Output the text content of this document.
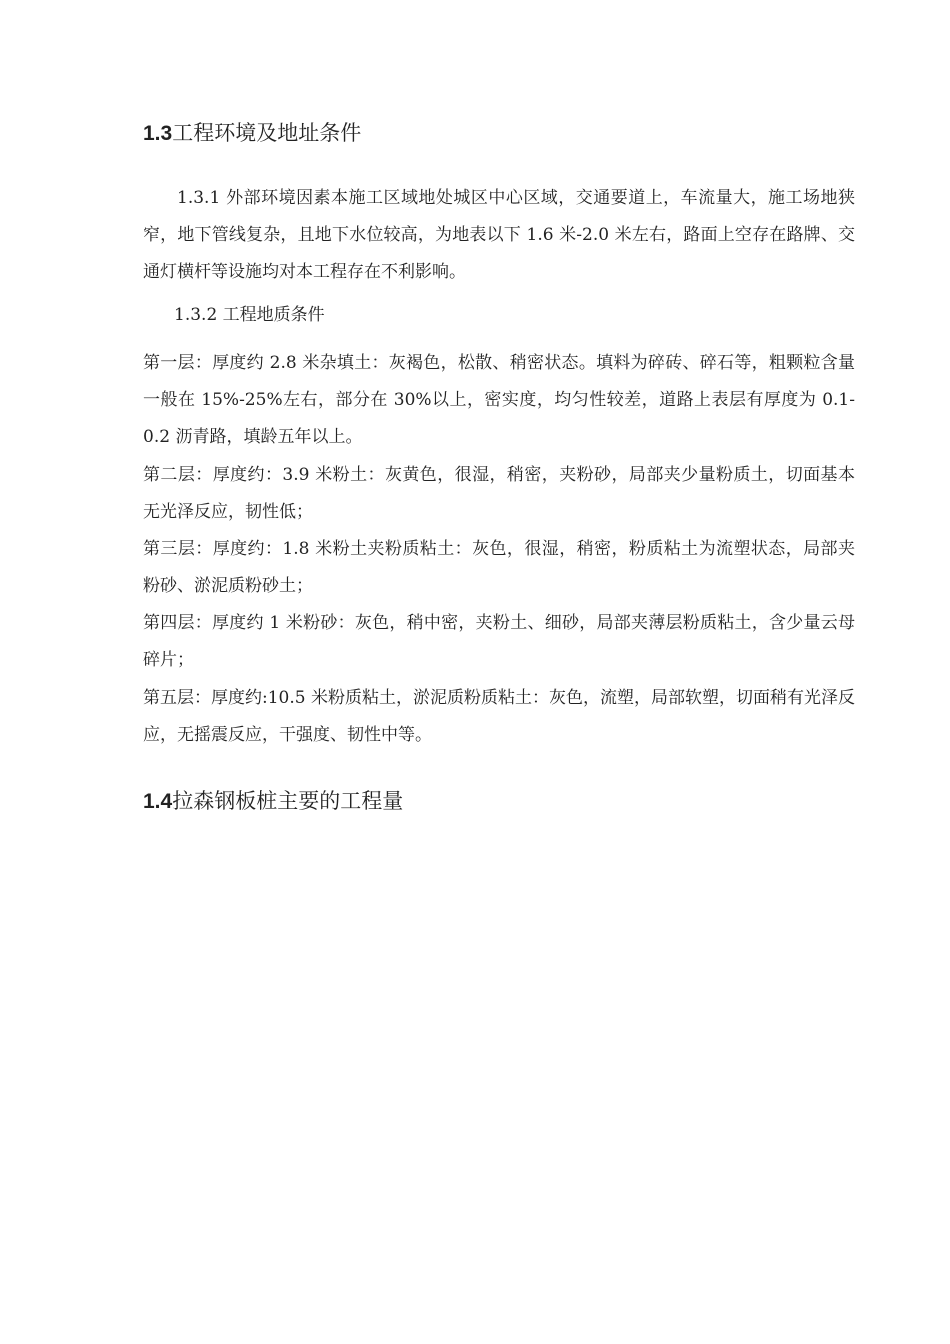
1.3工程环境及地址条件

1.3.1 外部环境因素本施工区域地处城区中心区域，交通要道上，车流量大，施工场地狭窄，地下管线复杂，且地下水位较高，为地表以下 1.6 米-2.0 米左右，路面上空存在路牌、交通灯横杆等设施均对本工程存在不利影响。

1.3.2 工程地质条件

第一层：厚度约 2.8 米杂填土：灰褐色，松散、稍密状态。填料为碎砖、碎石等，粗颗粒含量一般在 15%-25%左右，部分在 30%以上，密实度，均匀性较差，道路上表层有厚度为 0.1-0.2 沥青路，填龄五年以上。

第二层：厚度约：3.9 米粉土：灰黄色，很湿，稍密，夹粉砂，局部夹少量粉质土，切面基本无光泽反应，韧性低；

第三层：厚度约：1.8 米粉土夹粉质粘土：灰色，很湿，稍密，粉质粘土为流塑状态，局部夹粉砂、淤泥质粉砂土；

第四层：厚度约 1 米粉砂：灰色，稍中密，夹粉土、细砂，局部夹薄层粉质粘土，含少量云母碎片；

第五层：厚度约:10.5 米粉质粘土，淤泥质粉质粘土：灰色，流塑，局部软塑，切面稍有光泽反应，无摇震反应，干强度、韧性中等。

1.4拉森钢板桩主要的工程量
